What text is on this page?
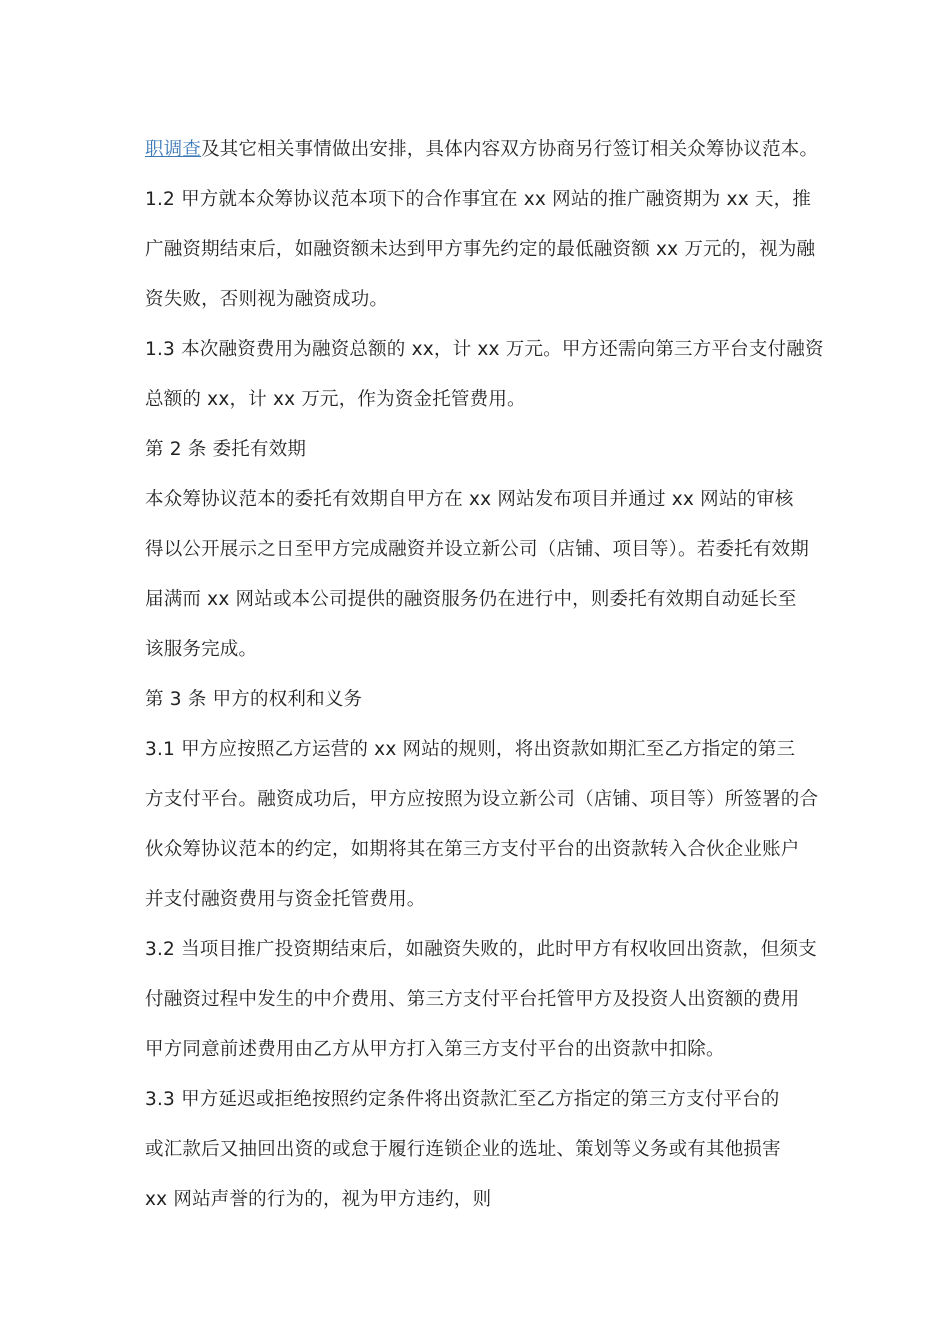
职调查及其它相关事情做出安排，具体内容双方协商另行签订相关众筹协议范本。
1.2 甲方就本众筹协议范本项下的合作事宜在 xx 网站的推广融资期为 xx 天，推
广融资期结束后，如融资额未达到甲方事先约定的最低融资额 xx 万元的，视为融
资失败，否则视为融资成功。
1.3 本次融资费用为融资总额的 xx，计 xx 万元。甲方还需向第三方平台支付融资
总额的 xx，计 xx 万元，作为资金托管费用。
第 2 条 委托有效期
本众筹协议范本的委托有效期自甲方在 xx 网站发布项目并通过 xx 网站的审核
得以公开展示之日至甲方完成融资并设立新公司（店铺、项目等）。若委托有效期
届满而 xx 网站或本公司提供的融资服务仍在进行中，则委托有效期自动延长至
该服务完成。
第 3 条 甲方的权利和义务
3.1 甲方应按照乙方运营的 xx 网站的规则，将出资款如期汇至乙方指定的第三
方支付平台。融资成功后，甲方应按照为设立新公司（店铺、项目等）所签署的合
伙众筹协议范本的约定，如期将其在第三方支付平台的出资款转入合伙企业账户
并支付融资费用与资金托管费用。
3.2 当项目推广投资期结束后，如融资失败的，此时甲方有权收回出资款，但须支
付融资过程中发生的中介费用、第三方支付平台托管甲方及投资人出资额的费用
甲方同意前述费用由乙方从甲方打入第三方支付平台的出资款中扣除。
3.3 甲方延迟或拒绝按照约定条件将出资款汇至乙方指定的第三方支付平台的
或汇款后又抽回出资的或怠于履行连锁企业的选址、策划等义务或有其他损害
xx 网站声誉的行为的，视为甲方违约，则
